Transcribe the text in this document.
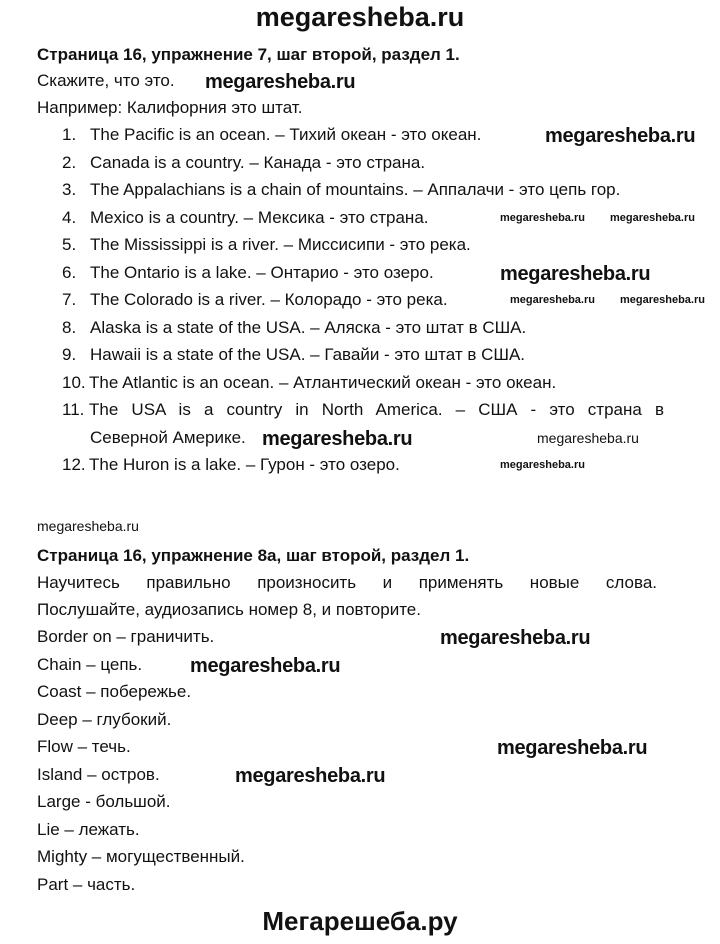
megaresheba.ru
Страница 16, упражнение 7, шаг второй, раздел 1.
Скажите, что это.
Например: Калифорния это штат.
1. The Pacific is an ocean. – Тихий океан - это океан.
2. Canada is a country. – Канада - это страна.
3. The Appalachians is a chain of mountains. – Аппалачи - это цепь гор.
4. Mexico is a country. – Мексика - это страна.
5. The Mississippi is a river. – Миссисипи - это река.
6. The Ontario is a lake. – Онтарио - это озеро.
7. The Colorado is a river. – Колорадо - это река.
8. Alaska is a state of the USA. – Аляска - это штат в США.
9. Hawaii is a state of the USA. – Гавайи - это штат в США.
10. The Atlantic is an ocean. – Атлантический океан - это океан.
11. The USA is a country in North America. – США - это страна в
Северной Америке.
12. The Huron is a lake. – Гурон - это озеро.
Страница 16, упражнение 8а, шаг второй, раздел 1.
Научитесь правильно произносить и применять новые слова.
Послушайте, аудиозапись номер 8, и повторите.
Border on – граничить.
Chain – цепь.
Coast – побережье.
Deep – глубокий.
Flow – течь.
Island – остров.
Large - большой.
Lie – лежать.
Mighty – могущественный.
Part – часть.
megaresheba.ru
megaresheba.ru
megaresheba.ru
megaresheba.ru
megaresheba.ru
megaresheba.ru
megaresheba.ru
megaresheba.ru
megaresheba.ru megaresheba.ru
megaresheba.ru megaresheba.ru
megaresheba.ru
megaresheba.ru
megaresheba.ru
Мегарешеба.ру
